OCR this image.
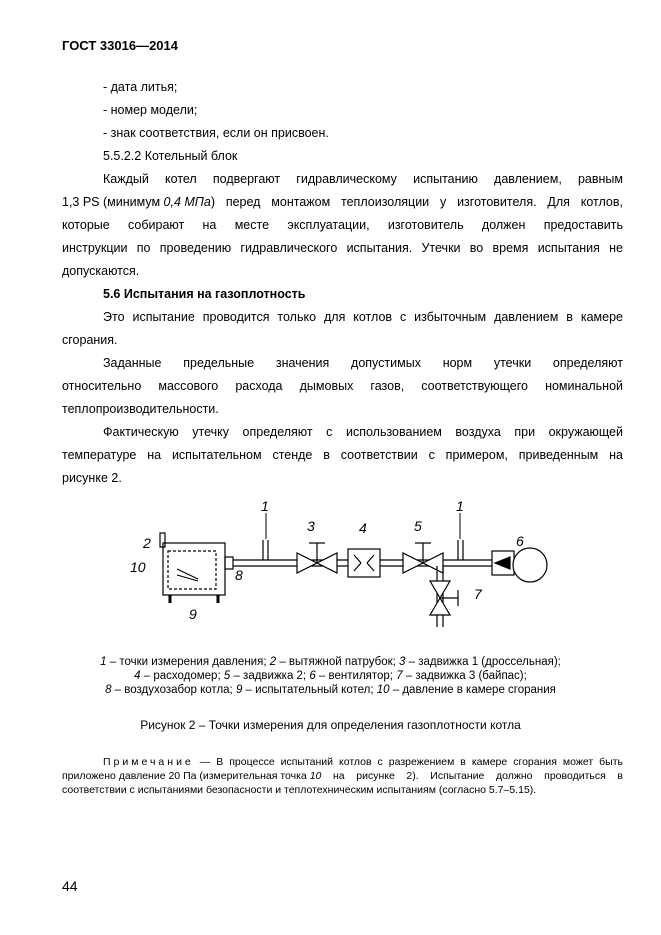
ГОСТ 33016—2014
- дата литья;
- номер модели;
- знак соответствия, если он присвоен.
5.5.2.2 Котельный блок
Каждый котел подвергают гидравлическому испытанию давлением, равным
1,3 PS (минимум 0,4 МПа ) перед монтажом теплоизоляции у изготовителя. Для котлов,
которые собирают на месте эксплуатации, изготовитель должен предоставить
инструкции по проведению гидравлического испытания. Утечки во время испытания не
допускаются.
5.6 Испытания на газоплотность
Это испытание проводится только для котлов с избыточным давлением в камере
сгорания.
Заданные предельные значения допустимых норм утечки определяют
относительно массового расхода дымовых газов, соответствующего номинальной
теплопроизводительности.
Фактическую утечку определяют с использованием воздуха при окружающей
температуре на испытательном стенде в соответствии с примером, приведенным на
рисунке 2.
1	1
2
3	4	5
6
7
8
9
10
1 – точки измерения давления; 2 – вытяжной патрубок; 3 – задвижка 1 (дроссельная);
4 – расходомер; 5 – задвижка 2; 6 – вентилятор; 7 – задвижка 3 (байпас);
8 – воздухозабор котла; 9 – испытательный котел; 10 – давление в камере сгорания
Рисунок 2 – Точки измерения для определения газоплотности котла
Примечание — В процессе испытаний котлов с разрежением в камере сгорания может быть
приложено давление 20 Па (измерительная точка 10 на рисунке 2). Испытание должно проводиться в
соответствии с испытаниями безопасности и теплотехническим испытаниям (согласно 5.7–5.15).
44
